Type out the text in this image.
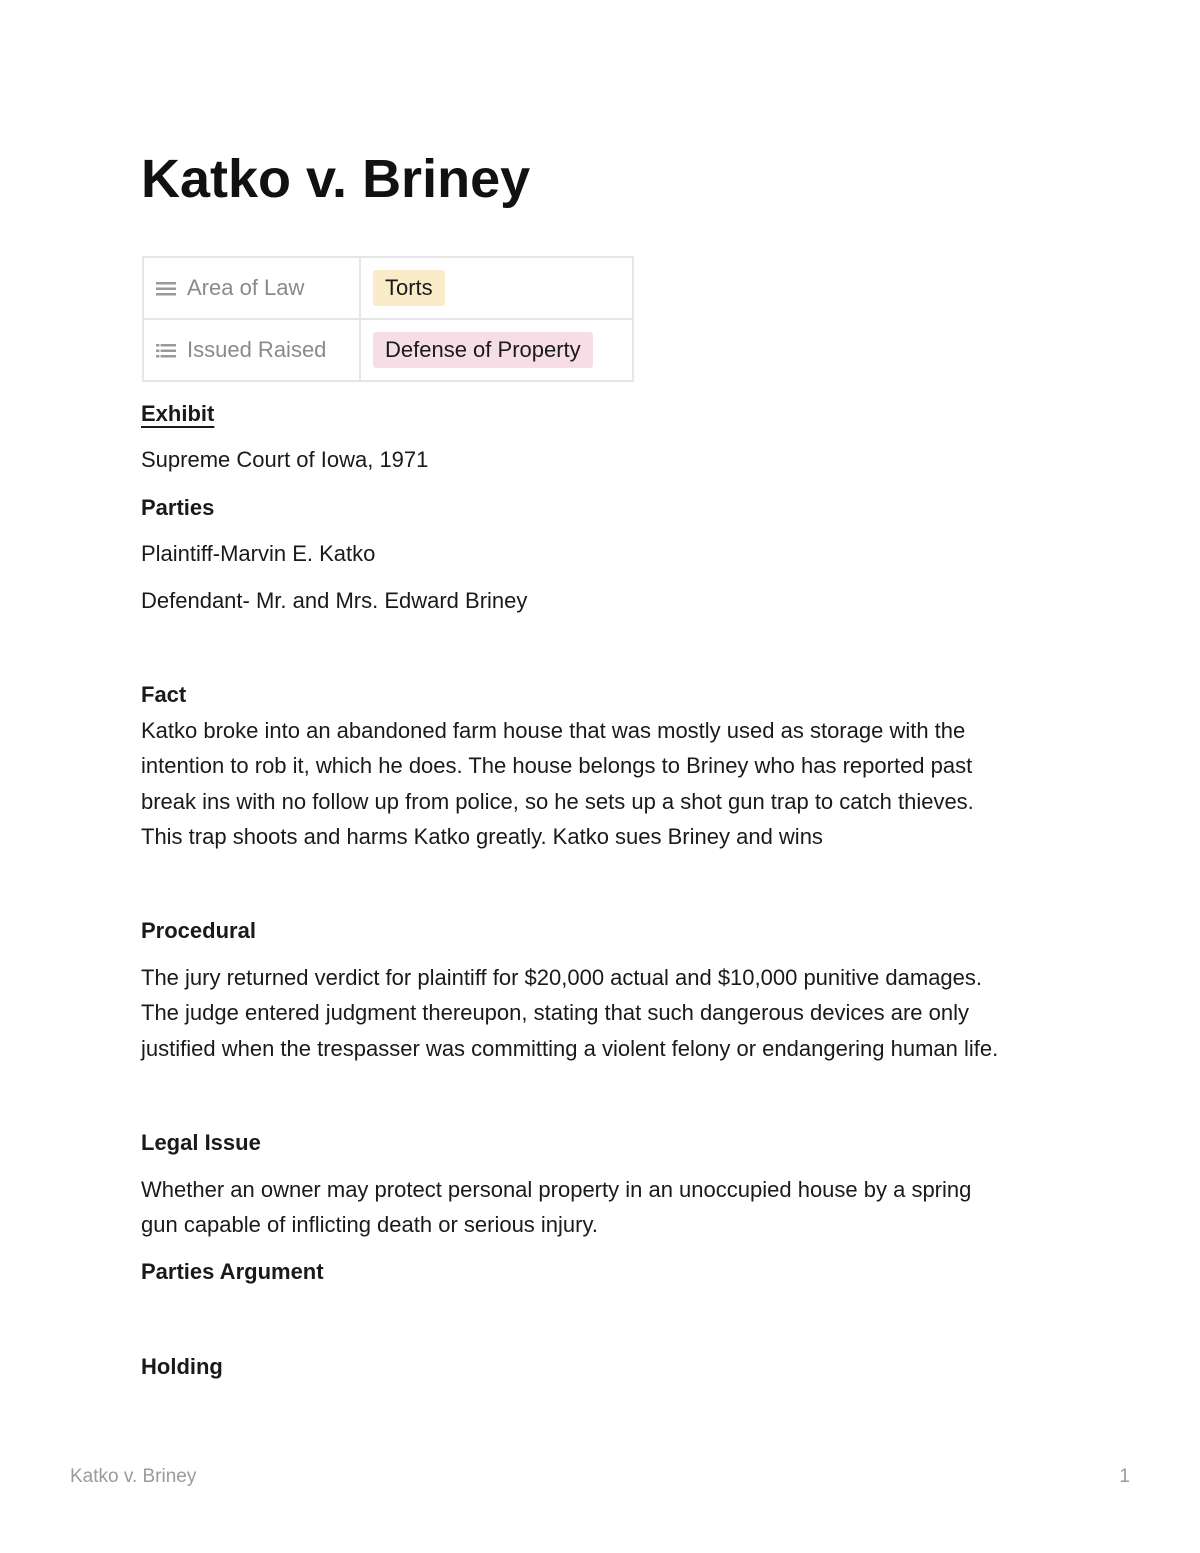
Katko v. Briney
Area of Law	Torts
Issued Raised	Defense of Property

Exhibit

Supreme Court of Iowa, 1971

Parties

Plaintiff-Marvin E. Katko

Defendant- Mr. and Mrs. Edward Briney

Fact

Katko broke into an abandoned farm house that was mostly used as storage with the

intention to rob it, which he does. The house belongs to Briney who has reported past

break ins with no follow up from police, so he sets up a shot gun trap to catch thieves.

This trap shoots and harms Katko greatly. Katko sues Briney and wins

Procedural

The jury returned verdict for plaintiff for $20,000 actual and $10,000 punitive damages.

The judge entered judgment thereupon, stating that such dangerous devices are only

justified when the trespasser was committing a violent felony or endangering human life.

Legal Issue

Whether an owner may protect personal property in an unoccupied house by a spring

gun capable of inflicting death or serious injury.

Parties Argument

Holding

Katko v. Briney	1
